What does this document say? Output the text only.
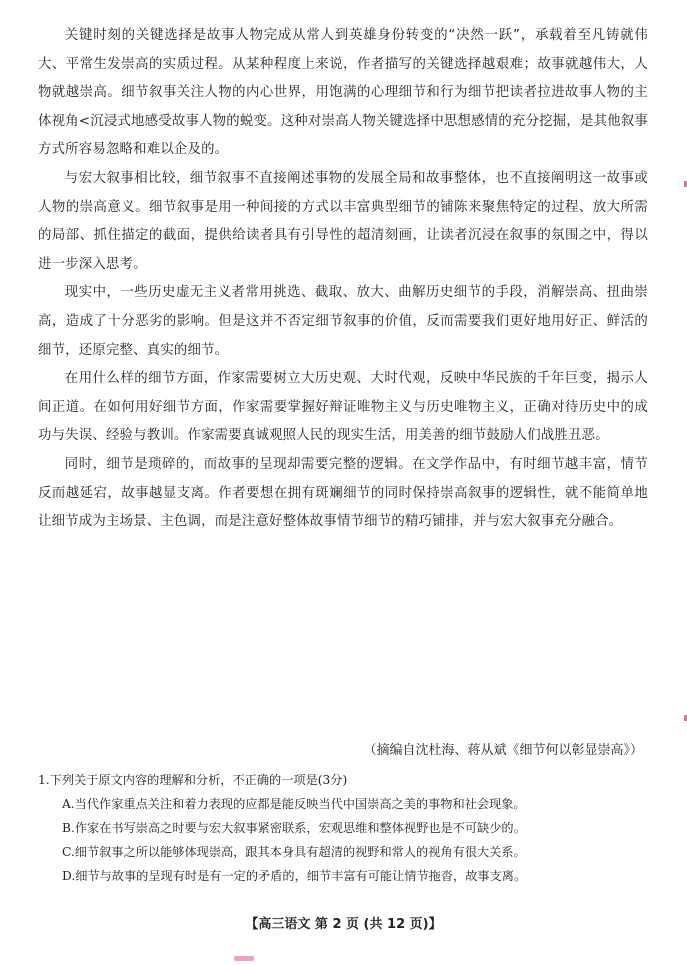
关键时刻的关键选择是故事人物完成从常人到英雄身份转变的“决然一跃”，承载着至凡铸就伟大、平常生发崇高的实质过程。从某种程度上来说，作者描写的关键选择越艰难；故事就越伟大，人物就越崇高。细节叙事关注人物的内心世界，用饱满的心理细节和行为细节把读者拉进故事人物的主体视角<沉浸式地感受故事人物的蜕变。这种对崇高人物关键选择中思想感情的充分挖掘，是其他叙事方式所容易忽略和难以企及的。

与宏大叙事相比较，细节叙事不直接阐述事物的发展全局和故事整体，也不直接阐明这一故事或人物的崇高意义。细节叙事是用一种间接的方式以丰富典型细节的铺陈来聚焦特定的过程、放大所需的局部、抓住描定的截面，提供给读者具有引导性的超清刻画，让读者沉浸在叙事的氛围之中，得以进一步深入思考。

现实中，一些历史虚无主义者常用挑选、截取、放大、曲解历史细节的手段，消解崇高、扭曲崇高，造成了十分恶劣的影响。但是这并不否定细节叙事的价值，反而需要我们更好地用好正、鲜活的细节，还原完整、真实的细节。

在用什么样的细节方面，作家需要树立大历史观、大时代观，反映中华民族的千年巨变，揭示人间正道。在如何用好细节方面，作家需要掌握好辩证唯物主义与历史唯物主义，正确对待历史中的成功与失误、经验与教训。作家需要真诚观照人民的现实生活，用美善的细节鼓励人们战胜丑恶。

同时，细节是琐碎的，而故事的呈现却需要完整的逻辑。在文学作品中，有时细节越丰富，情节反而越延宕，故事越显支离。作者要想在拥有斑斓细节的同时保持崇高叙事的逻辑性，就不能简单地让细节成为主场景、主色调，而是注意好整体故事情节细节的精巧铺排，并与宏大叙事充分融合。

（摘编自沈杜海、蒋从斌《细节何以彰显崇高》）

1.下列关于原文内容的理解和分析，不正确的一项是(3分)

A.当代作家重点关注和着力表现的应都是能反映当代中国崇高之美的事物和社会现象。

B.作家在书写崇高之时要与宏大叙事紧密联系，宏观思维和整体视野也是不可缺少的。

C.细节叙事之所以能够体现崇高，跟其本身具有超清的视野和常人的视角有很大关系。

D.细节与故事的呈现有时是有一定的矛盾的，细节丰富有可能让情节拖沓，故事支离。

【高三语文 第 2 页 (共 12 页)】
